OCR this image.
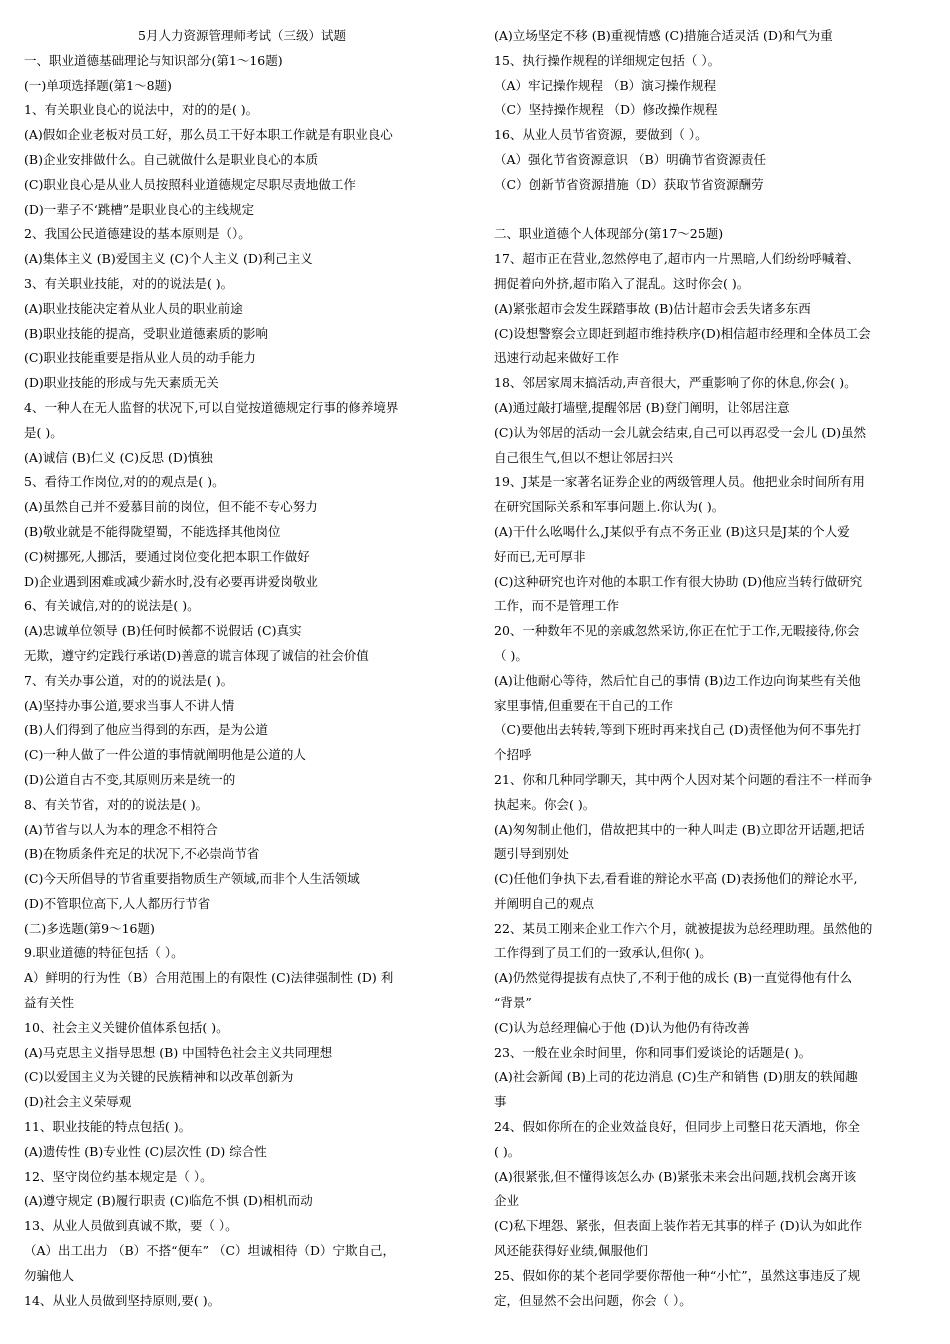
5月人力资源管理师考试（三级）试题
一、职业道德基础理论与知识部分(第1～16题)
(一)单项选择题(第1～8题)
1、有关职业良心的说法中，对的的是( )。
(A)假如企业老板对员工好，那么员工干好本职工作就是有职业良心
(B)企业安排做什么。自己就做什么是职业良心的本质
(C)职业良心是从业人员按照科业道德规定尽职尽责地做工作
(D)一辈子不‘跳槽”是职业良心的主线规定
2、我国公民道德建设的基本原则是（）。
(A)集体主义 (B)爱国主义 (C)个人主义 (D)利己主义
3、有关职业技能，对的的说法是( )。
(A)职业技能决定着从业人员的职业前途
(B)职业技能的提高，受职业道德素质的影响
(C)职业技能重要是指从业人员的动手能力
(D)职业技能的形成与先天素质无关
4、一种人在无人监督的状况下,可以自觉按道德规定行事的修养境界
是( )。
(A)诚信 (B)仁义 (C)反思 (D)慎独
5、看待工作岗位,对的的观点是( )。
(A)虽然自己并不爱慕目前的岗位，但不能不专心努力
(B)敬业就是不能得陇望蜀，不能选择其他岗位
(C)树挪死,人挪活，要通过岗位变化把本职工作做好
D)企业遇到困难或减少薪水时,没有必要再讲爱岗敬业
6、有关诚信,对的的说法是( )。
(A)忠诚单位领导 (B)任何时候都不说假话 (C)真实
无欺，遵守约定践行承诺(D)善意的谎言体现了诚信的社会价值
7、有关办事公道，对的的说法是( )。
(A)坚持办事公道,要求当事人不讲人情
(B)人们得到了他应当得到的东西，是为公道
(C)一种人做了一件公道的事情就阐明他是公道的人
(D)公道自古不变,其原则历来是统一的
8、有关节省，对的的说法是( )。
(A)节省与以人为本的理念不相符合
(B)在物质条件充足的状况下,不必崇尚节省
(C)今天所倡导的节省重要指物质生产领域,而非个人生活领域
(D)不管职位高下,人人都历行节省
(二)多选题(第9～16题)
9.职业道德的特征包括（ ）。
A）鲜明的行为性（B）合用范围上的有限性 (C)法律强制性 (D) 利
益有关性
10、社会主义关键价值体系包括( )。
(A)马克思主义指导思想 (B) 中国特色社会主义共同理想
(C)以爱国主义为关键的民族精神和以改革创新为
(D)社会主义荣辱观
11、职业技能的特点包括( )。
(A)遗传性 (B)专业性 (C)层次性 (D) 综合性
12、坚守岗位约基本规定是（ ）。
(A)遵守规定 (B)履行职责 (C)临危不惧 (D)相机而动
13、从业人员做到真诚不欺，要（ ）。
（A）出工出力 （B）不搭“便车” （C）坦诚相待（D）宁欺自己，
勿骗他人
14、从业人员做到坚持原则,要( )。
(A)立场坚定不移 (B)重视情感 (C)措施合适灵活 (D)和气为重
15、执行操作规程的详细规定包括（ ）。
（A）牢记操作规程 （B）演习操作规程
（C）坚持操作规程 （D）修改操作规程
16、从业人员节省资源，要做到（ ）。
（A）强化节省资源意识 （B）明确节省资源责任
（C）创新节省资源措施（D）获取节省资源酬劳
二、职业道德个人体现部分(第17～25题)
17、超市正在营业,忽然停电了,超市内一片黑暗,人们纷纷呼喊着、
拥促着向外挤,超市陷入了混乱。这时你会( )。
(A)紧张超市会发生踩踏事故 (B)估计超市会丢失诸多东西
(C)设想警察会立即赶到超市维持秩序(D)相信超市经理和全体员工会
迅速行动起来做好工作
18、邻居家周末搞活动,声音很大，严重影响了你的休息,你会( )。
(A)通过敲打墙壁,提醒邻居 (B)登门阐明，让邻居注意
(C)认为邻居的活动一会儿就会结束,自己可以再忍受一会儿 (D)虽然
自己很生气,但以不想让邻居扫兴
19、J某是一家著名证券企业的两级管理人员。他把业余时间所有用
在研究国际关系和军事问题上.你认为( )。
(A)干什么吆喝什么,J某似乎有点不务正业 (B)这只是J某的个人爱
好而已,无可厚非
(C)这种研究也许对他的本职工作有很大协助 (D)他应当转行做研究
工作，而不是管理工作
20、一种数年不见的亲戚忽然采访,你正在忙于工作,无暇接待,你会
（ )。
(A)让他耐心等待，然后忙自己的事情 (B)边工作边向询某些有关他
家里事情,但重要在干自己的工作
（C)要他出去转转,等到下班时再来找自己 (D)责怪他为何不事先打
个招呼
21、你和几种同学聊天，其中两个人因对某个问题的看注不一样而争
执起来。你会( )。
(A)匆匆制止他们，借故把其中的一种人叫走 (B)立即岔开话题,把话
题引导到别处
(C)任他们争执下去,看看谁的辩论水平高 (D)表扬他们的辩论水平,
并阐明自己的观点
22、某员工刚来企业工作六个月，就被提拔为总经理助理。虽然他的
工作得到了员工们的一致承认,但你( )。
(A)仍然觉得提拔有点快了,不利于他的成长 (B)一直觉得他有什么
“背景”
(C)认为总经理偏心于他 (D)认为他仍有待改善
23、一般在业余时间里，你和同事们爱谈论的话题是( )。
(A)社会新闻 (B)上司的花边消息 (C)生产和销售 (D)朋友的轶闻趣
事
24、假如你所在的企业效益良好，但同步上司整日花天酒地，你全
( )。
(A)很紧张,但不懂得该怎么办 (B)紧张未来会出问题,找机会离开该
企业
(C)私下埋怨、紧张，但表面上装作若无其事的样子 (D)认为如此作
风还能获得好业绩,佩服他们
25、假如你的某个老同学要你帮他一种“小忙”，虽然这事违反了规
定，但显然不会出问题，你会（ ）。
